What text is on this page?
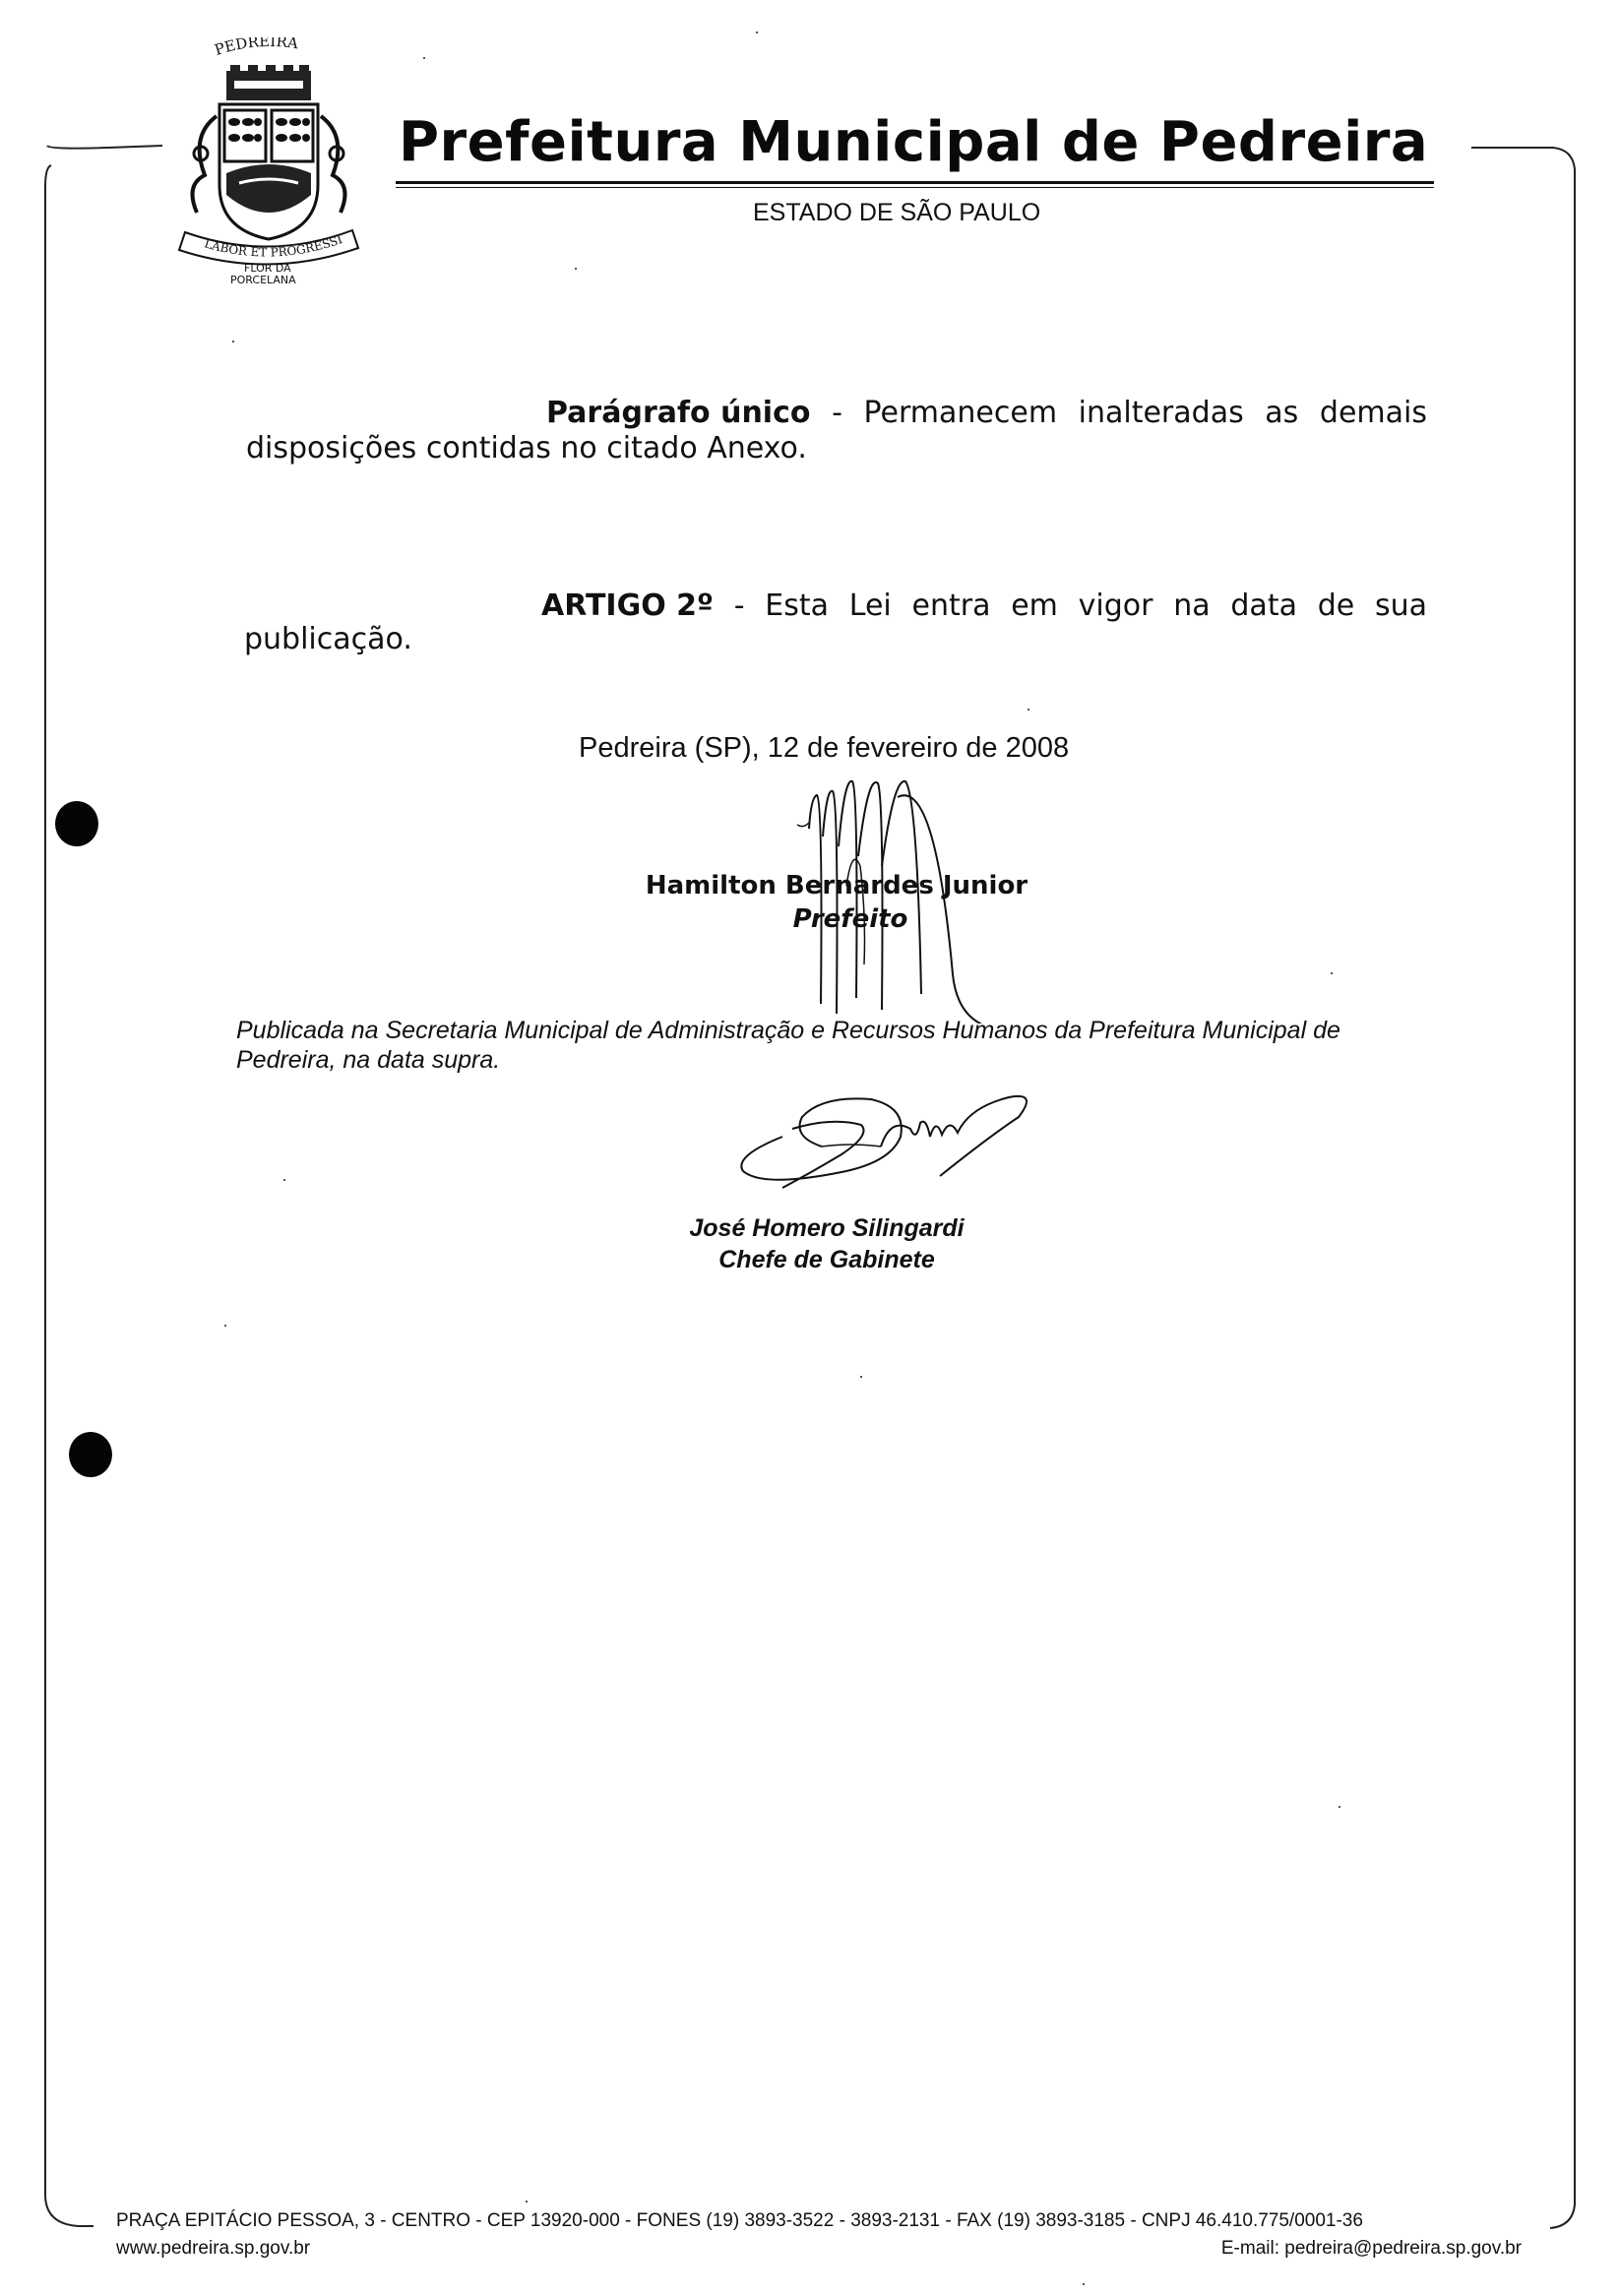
PEDREIRA
LABOR ET PROGRESSI
FLOR DA
PORCELANA
Prefeitura Municipal de Pedreira
ESTADO DE SÃO PAULO
Parágrafo único - Permanecem inalteradas as demais
disposições contidas no citado Anexo.
ARTIGO 2º - Esta Lei entra em vigor na data de sua
publicação.
Pedreira (SP), 12 de fevereiro de 2008
Hamilton Bernardes Junior
Prefeito
Publicada na Secretaria Municipal de Administração e Recursos Humanos da Prefeitura Municipal de Pedreira, na data supra.
José Homero Silingardi
Chefe de Gabinete
PRAÇA EPITÁCIO PESSOA, 3 - CENTRO - CEP 13920-000 - FONES (19) 3893-3522 - 3893-2131 - FAX (19) 3893-3185 - CNPJ 46.410.775/0001-36
www.pedreira.sp.gov.br	E-mail: pedreira@pedreira.sp.gov.br
